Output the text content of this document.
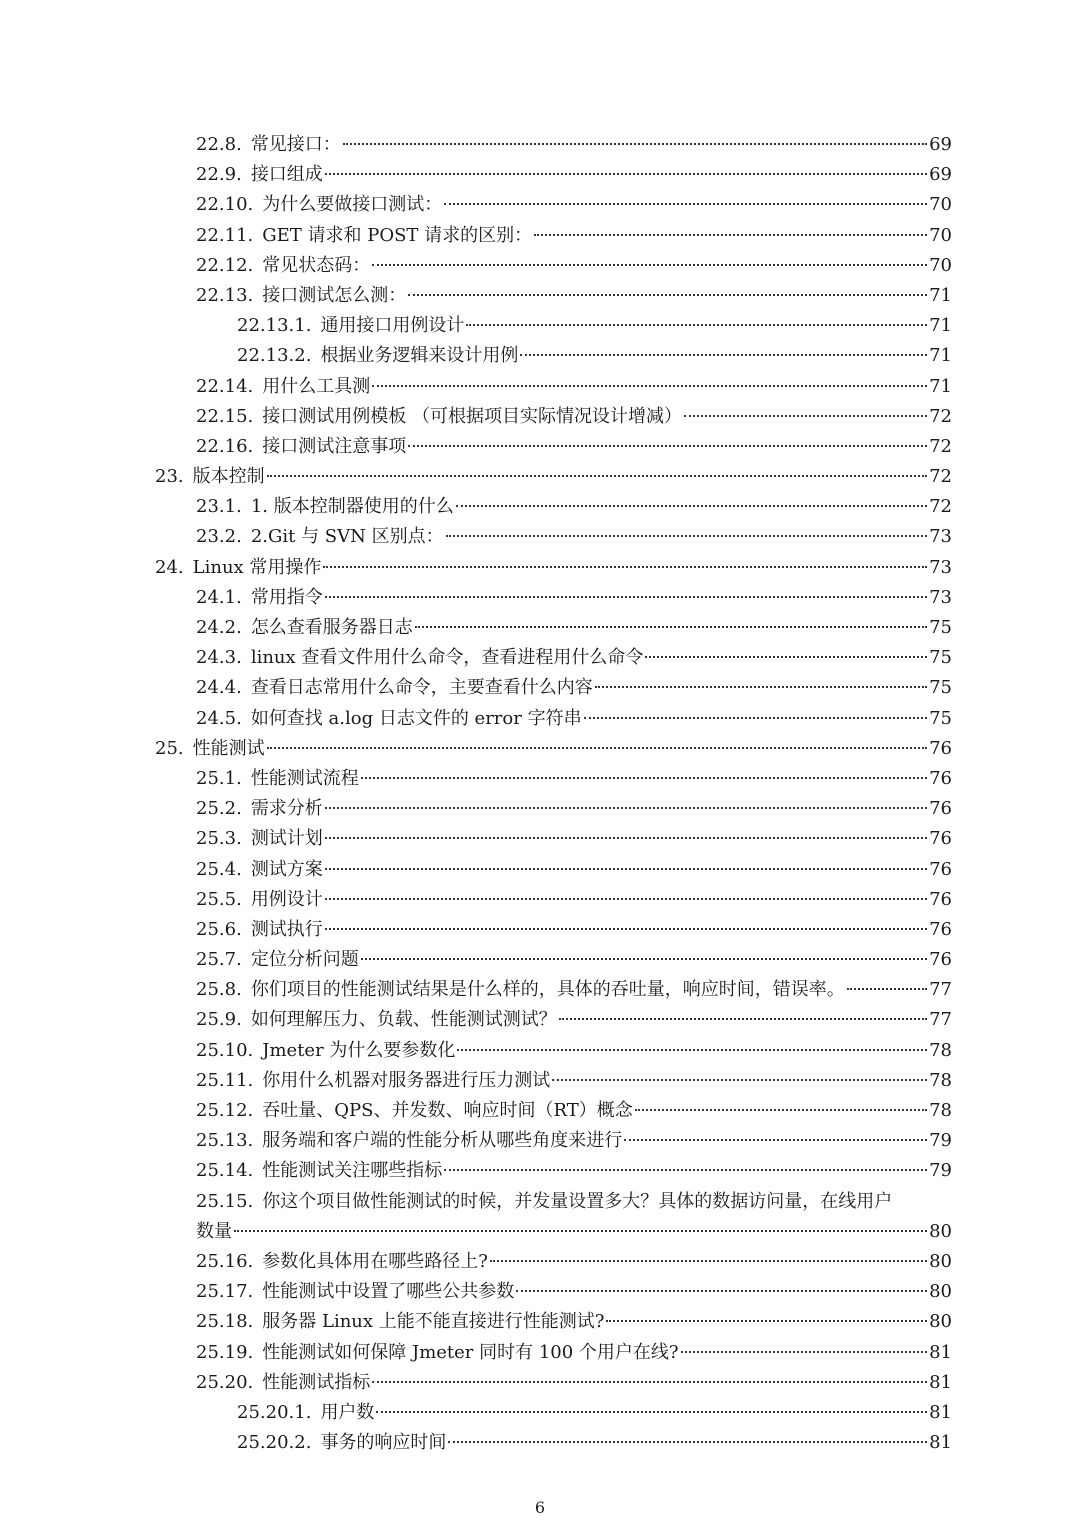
22.8. 常见接口：	69
22.9. 接口组成	69
22.10. 为什么要做接口测试：	70
22.11. GET 请求和 POST 请求的区别：	70
22.12. 常见状态码：	70
22.13. 接口测试怎么测：	71
22.13.1. 通用接口用例设计	71
22.13.2. 根据业务逻辑来设计用例	71
22.14. 用什么工具测	71
22.15. 接口测试用例模板 （可根据项目实际情况设计增减）	72
22.16. 接口测试注意事项	72
23. 版本控制	72
23.1. 1. 版本控制器使用的什么	72
23.2. 2.Git 与 SVN 区别点：	73
24. Linux 常用操作	73
24.1. 常用指令	73
24.2. 怎么查看服务器日志	75
24.3. linux 查看文件用什么命令，查看进程用什么命令	75
24.4. 查看日志常用什么命令，主要查看什么内容	75
24.5. 如何查找 a.log 日志文件的 error 字符串	75
25. 性能测试	76
25.1. 性能测试流程	76
25.2. 需求分析	76
25.3. 测试计划	76
25.4. 测试方案	76
25.5. 用例设计	76
25.6. 测试执行	76
25.7. 定位分析问题	76
25.8. 你们项目的性能测试结果是什么样的，具体的吞吐量，响应时间，错误率。	77
25.9. 如何理解压力、负载、性能测试测试？	77
25.10. Jmeter 为什么要参数化	78
25.11. 你用什么机器对服务器进行压力测试	78
25.12. 吞吐量、QPS、并发数、响应时间（RT）概念	78
25.13. 服务端和客户端的性能分析从哪些角度来进行	79
25.14. 性能测试关注哪些指标	79
25.15. 你这个项目做性能测试的时候，并发量设置多大？具体的数据访问量，在线用户
数量	80
25.16. 参数化具体用在哪些路径上?	80
25.17. 性能测试中设置了哪些公共参数	80
25.18. 服务器 Linux 上能不能直接进行性能测试?	80
25.19. 性能测试如何保障 Jmeter 同时有 100 个用户在线?	81
25.20. 性能测试指标	81
25.20.1. 用户数	81
25.20.2. 事务的响应时间	81
6
